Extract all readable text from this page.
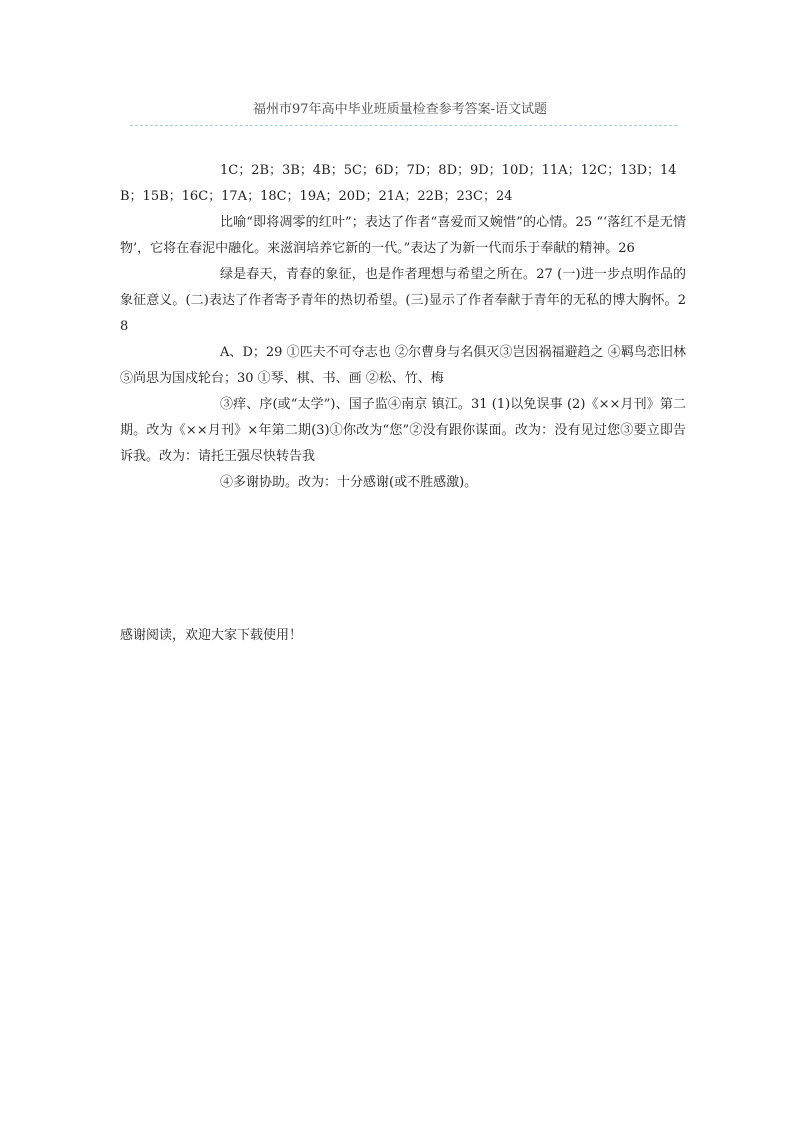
福州市97年高中毕业班质量检查参考答案-语文试题

1C；2B；3B；4B；5C；6D；7D；8D；9D；10D；11A；12C；13D；14B；15B；16C；17A；18C；19A；20D；21A；22B；23C；24

比喻“即将凋零的红叶”；表达了作者“喜爱而又婉惜”的心情。25 “‘落红不是无情物’，它将在春泥中融化。来滋润培养它新的一代。”表达了为新一代而乐于奉献的精神。26

绿是春天，青春的象征，也是作者理想与希望之所在。27 (一)进一步点明作品的象征意义。(二)表达了作者寄予青年的热切希望。(三)显示了作者奉献于青年的无私的博大胸怀。28

A、D；29 ①匹夫不可夺志也 ②尔曹身与名俱灭③岂因祸福避趋之 ④羁鸟恋旧林 ⑤尚思为国戍轮台；30 ①琴、棋、书、画 ②松、竹、梅

③痒、序(或“太学”)、国子监④南京 镇江。31 (1)以免误事 (2)《××月刊》第二期。改为《××月刊》×年第二期(3)①你改为“您”②没有跟你谋面。改为：没有见过您③要立即告诉我。改为：请托王强尽快转告我

④多谢协助。改为：十分感谢(或不胜感激)。

感谢阅读，欢迎大家下载使用！
